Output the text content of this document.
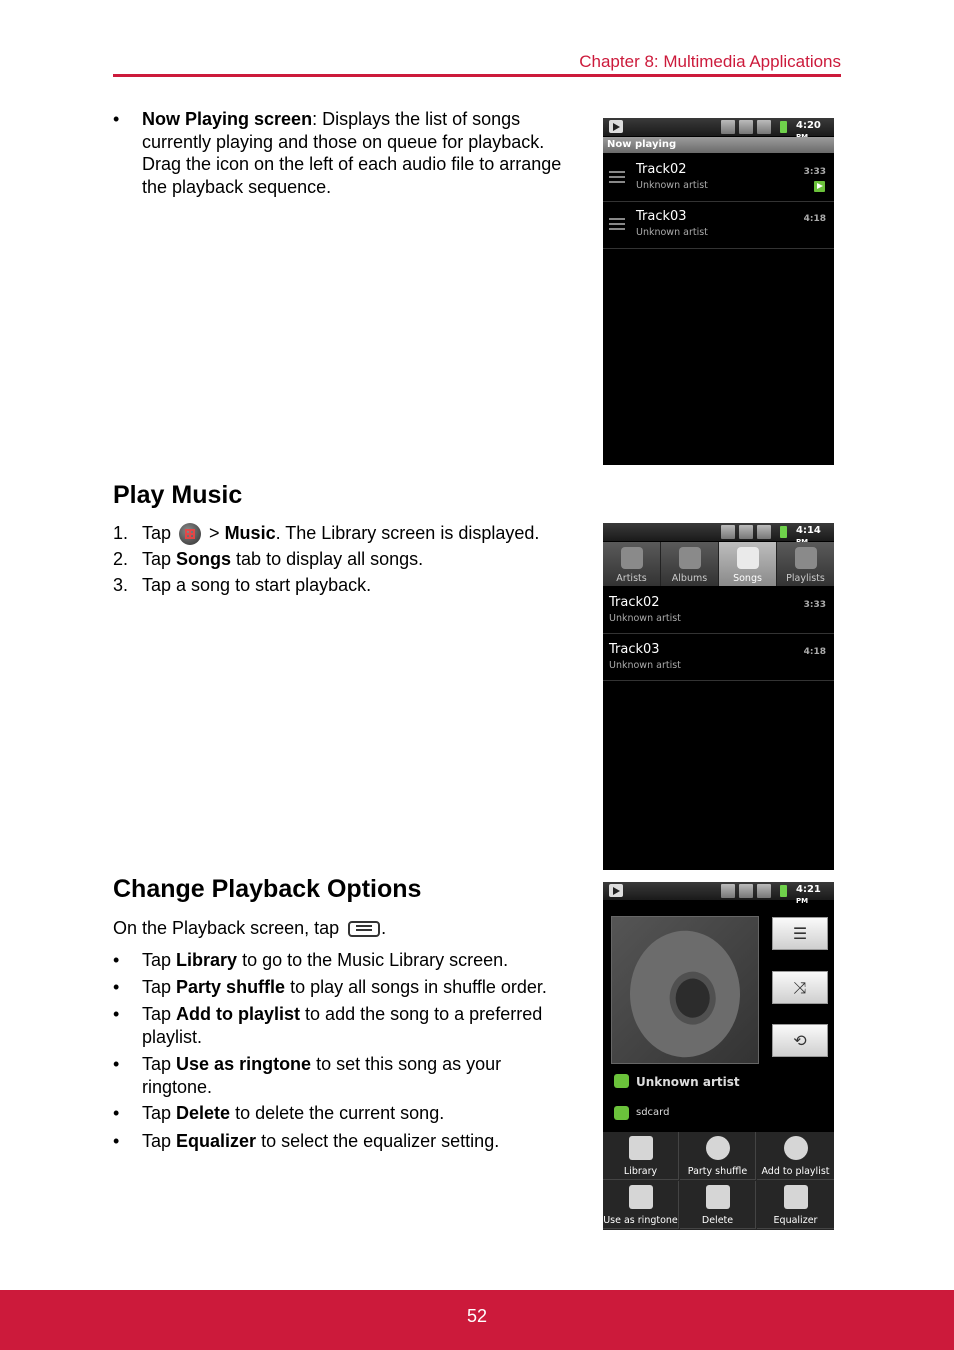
Chapter 8: Multimedia Applications
• Now Playing screen: Displays the list of songs
currently playing and those on queue for playback.
Drag the icon on the left of each audio file to arrange
the playback sequence.
4:20
Now playing
Track02
Unknown artist
3:33
Track03
Unknown artist
4:18
Play Music
1. Tap
> Music. The Library screen is displayed.
2. Tap Songs tab to display all songs.
3. Tap a song to start playback.
4:14
Artists	Albums	Songs	Playlists
Track02
Unknown artist
3:33
Track03
Unknown artist
4:18
Change Playback Options
On the Playback screen, tap .
• Tap Library to go to the Music Library screen.
• Tap Party shuffle to play all songs in shuffle order.
• Tap Add to playlist to add the song to a preferred
playlist.
• Tap Use as ringtone to set this song as your
ringtone.
• Tap Delete to delete the current song.
• Tap Equalizer to select the equalizer setting.
4:21 PM
☰
⤨
⟲
Unknown artist
sdcard
Library	Party shuffle	Add to playlist
Use as ringtone	Delete	Equalizer
52
